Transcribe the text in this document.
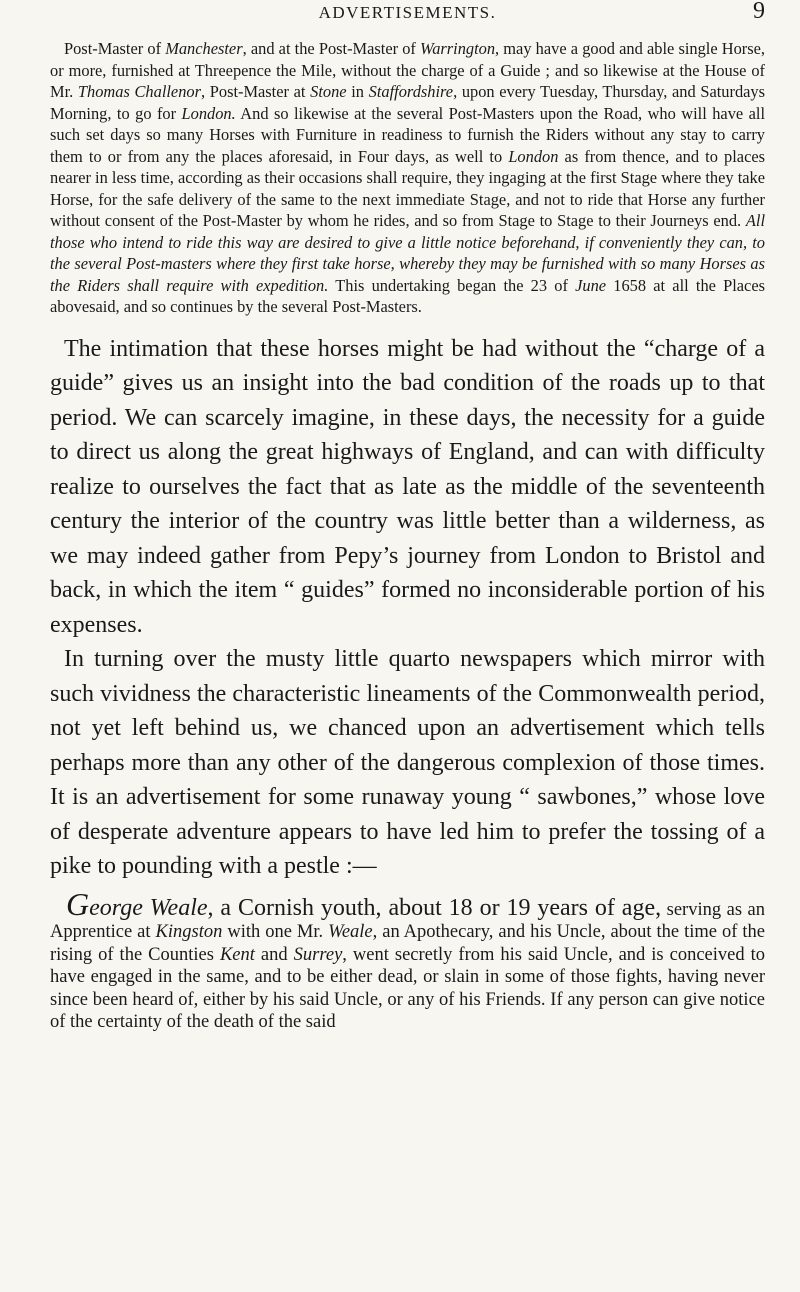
ADVERTISEMENTS.	9

Post-Master of Manchester, and at the Post-Master of Warrington, may have a good and able single Horse, or more, furnished at Threepence the Mile, without the charge of a Guide ; and so likewise at the House of Mr. Thomas Challenor, Post-Master at Stone in Staffordshire, upon every Tuesday, Thursday, and Saturdays Morning, to go for London. And so likewise at the several Post-Masters upon the Road, who will have all such set days so many Horses with Furniture in readiness to furnish the Riders without any stay to carry them to or from any the places aforesaid, in Four days, as well to London as from thence, and to places nearer in less time, according as their occasions shall require, they ingaging at the first Stage where they take Horse, for the safe delivery of the same to the next immediate Stage, and not to ride that Horse any further without consent of the Post-Master by whom he rides, and so from Stage to Stage to their Journeys end. All those who intend to ride this way are desired to give a little notice beforehand, if conveniently they can, to the several Post-masters where they first take horse, whereby they may be furnished with so many Horses as the Riders shall require with expedition. This undertaking began the 23 of June 1658 at all the Places abovesaid, and so continues by the several Post-Masters.

The intimation that these horses might be had without the “charge of a guide” gives us an insight into the bad condition of the roads up to that period. We can scarcely imagine, in these days, the necessity for a guide to direct us along the great highways of England, and can with difficulty realize to ourselves the fact that as late as the middle of the seventeenth century the interior of the country was little better than a wilderness, as we may indeed gather from Pepy’s journey from London to Bristol and back, in which the item “ guides” formed no inconsiderable portion of his expenses.

In turning over the musty little quarto newspapers which mirror with such vividness the characteristic lineaments of the Commonwealth period, not yet left behind us, we chanced upon an advertisement which tells perhaps more than any other of the dangerous complexion of those times. It is an advertisement for some runaway young “ sawbones,” whose love of desperate adventure appears to have led him to prefer the tossing of a pike to pounding with a pestle :—

George Weale, a Cornish youth, about 18 or 19 years of age, serving as an Apprentice at Kingston with one Mr. Weale, an Apothecary, and his Uncle, about the time of the rising of the Counties Kent and Surrey, went secretly from his said Uncle, and is conceived to have engaged in the same, and to be either dead, or slain in some of those fights, having never since been heard of, either by his said Uncle, or any of his Friends. If any person can give notice of the certainty of the death of the said
